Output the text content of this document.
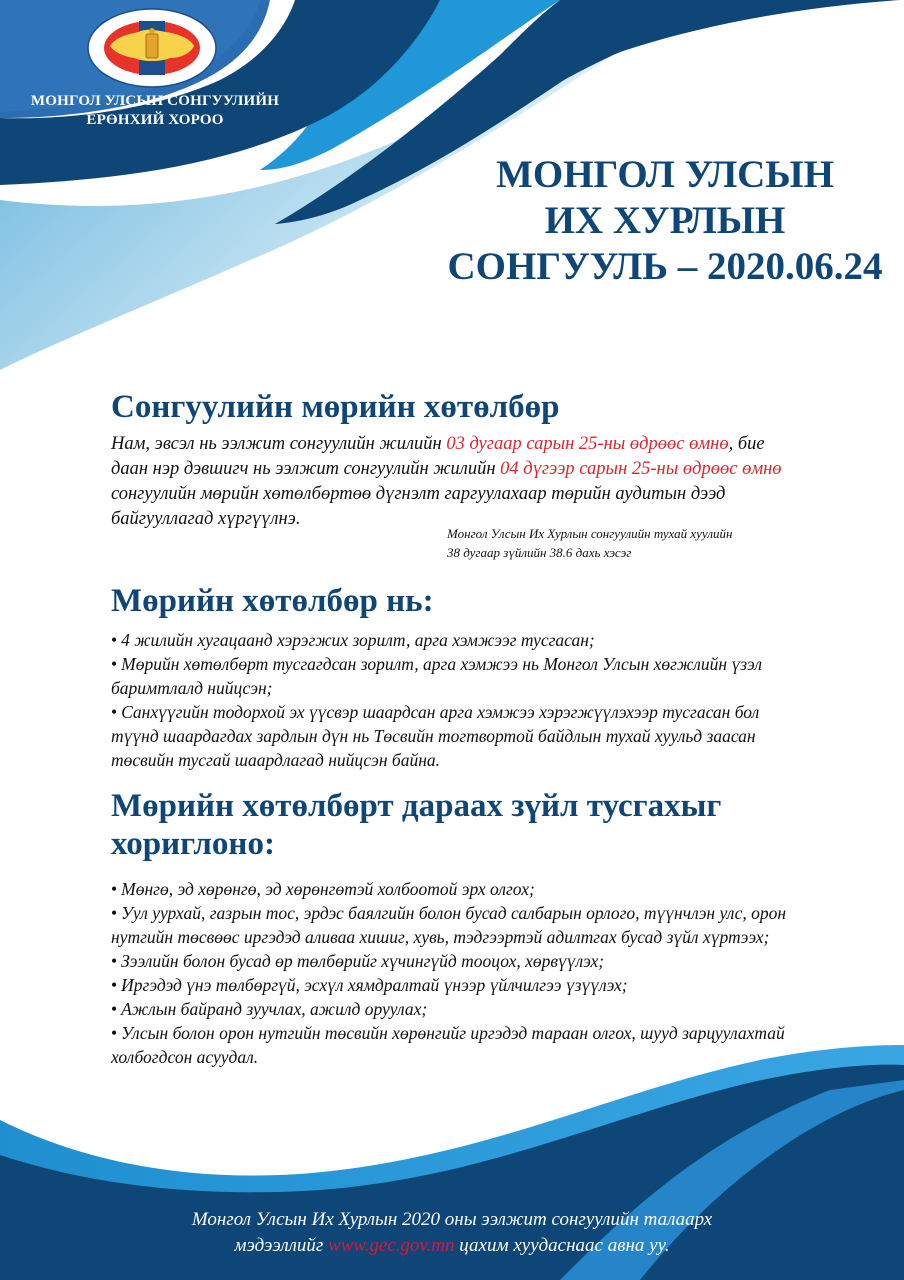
МОНГОЛ УЛСЫН СОНГУУЛИЙН
ЕРӨНХИЙ ХОРОО
МОНГОЛ УЛСЫН
ИХ ХУРЛЫН
СОНГУУЛЬ – 2020.06.24
Сонгуулийн мөрийн хөтөлбөр

Нам, эвсэл нь ээлжит сонгуулийн жилийн 03 дугаар сарын 25-ны өдрөөс өмнө, бие даан нэр дэвшигч нь ээлжит сонгуулийн жилийн 04 дүгээр сарын 25-ны өдрөөс өмнө сонгуулийн мөрийн хөтөлбөртөө дүгнэлт гаргуулахаар төрийн аудитын дээд байгууллагад хүргүүлнэ.

Монгол Улсын Их Хурлын сонгуулийн тухай хуулийн
38 дугаар зүйлийн 38.6 дахь хэсэг
Мөрийн хөтөлбөр нь:
• 4 жилийн хугацаанд хэрэгжих зорилт, арга хэмжээг тусгасан;
• Мөрийн хөтөлбөрт тусгагдсан зорилт, арга хэмжээ нь Монгол Улсын хөгжлийн үзэл баримтлалд нийцсэн;
• Санхүүгийн тодорхой эх үүсвэр шаардсан арга хэмжээ хэрэгжүүлэхээр тусгасан бол түүнд шаардагдах зардлын дүн нь Төсвийн тогтвортой байдлын тухай хуульд заасан төсвийн тусгай шаардлагад нийцсэн байна.
Мөрийн хөтөлбөрт дараах зүйл тусгахыг
хориглоно:
• Мөнгө, эд хөрөнгө, эд хөрөнгөтэй холбоотой эрх олгох;
• Уул уурхай, газрын тос, эрдэс баялгийн болон бусад салбарын орлого, түүнчлэн улс, орон нутгийн төсвөөс иргэдэд аливаа хишиг, хувь, тэдгээртэй адилтгах бусад зүйл хүртээх;
• Зээлийн болон бусад өр төлбөрийг хүчингүйд тооцох, хөрвүүлэх;
• Иргэдэд үнэ төлбөргүй, эсхүл хямдралтай үнээр үйлчилгээ үзүүлэх;
• Ажлын байранд зуучлах, ажилд оруулах;
• Улсын болон орон нутгийн төсвийн хөрөнгийг иргэдэд тараан олгох, шууд зарцуулахтай холбогдсон асуудал.
Монгол Улсын Их Хурлын 2020 оны ээлжит сонгуулийн талаарх
мэдээллийг www.gec.gov.mn цахим хуудаснаас авна уу.
